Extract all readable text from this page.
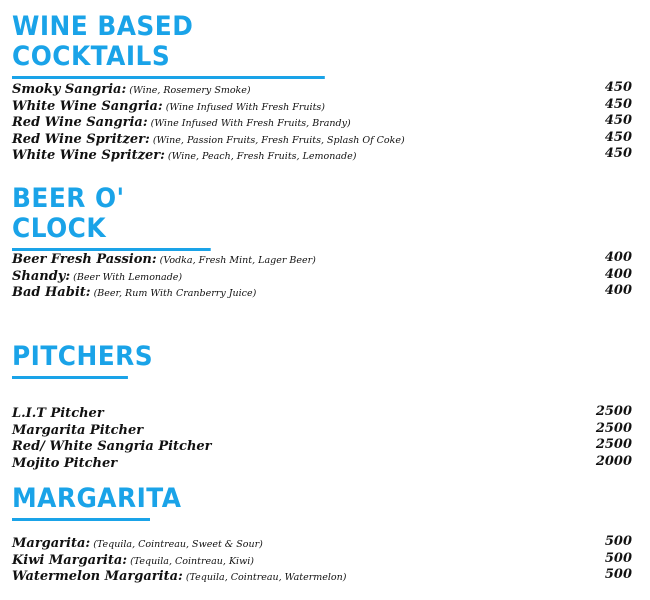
WINE BASED COCKTAILS
Smoky Sangria: (Wine, Rosemery Smoke)	450
White Wine Sangria: (Wine Infused With Fresh Fruits)	450
Red Wine Sangria: (Wine Infused With Fresh Fruits, Brandy)	450
Red Wine Spritzer: (Wine, Passion Fruits, Fresh Fruits, Splash Of Coke)	450
White Wine Spritzer: (Wine, Peach, Fresh Fruits, Lemonade)	450
BEER O' CLOCK
Beer Fresh Passion: (Vodka, Fresh Mint, Lager Beer)	400
Shandy: (Beer With Lemonade)	400
Bad Habit: (Beer, Rum With Cranberry Juice)	400
PITCHERS
L.I.T Pitcher	2500
Margarita Pitcher	2500
Red/ White Sangria Pitcher	2500
Mojito Pitcher	2000
MARGARITA
Margarita: (Tequila, Cointreau, Sweet & Sour)	500
Kiwi Margarita: (Tequila, Cointreau, Kiwi)	500
Watermelon Margarita: (Tequila, Cointreau, Watermelon)	500
